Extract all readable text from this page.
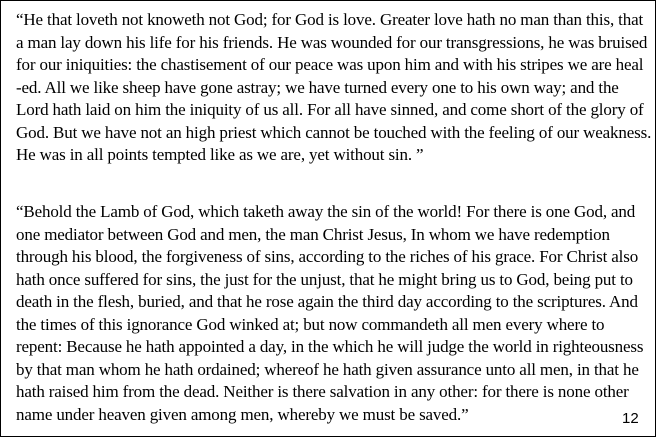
“He that loveth not knoweth not God; for God is love. Greater love hath no man than this, that
a man lay down his life for his friends. He was wounded for our transgressions, he was bruised
for our iniquities: the chastisement of our peace was upon him and with his stripes we are heal
-ed. All we like sheep have gone astray; we have turned every one to his own way; and the
Lord hath laid on him the iniquity of us all. For all have sinned, and come short of the glory of
God. But we have not an high priest which cannot be touched with the feeling of our weakness.
He was in all points tempted like as we are, yet without sin. ”
“Behold the Lamb of God, which taketh away the sin of the world! For there is one God, and
one mediator between God and men, the man Christ Jesus, In whom we have redemption
through his blood, the forgiveness of sins, according to the riches of his grace. For Christ also
hath once suffered for sins, the just for the unjust, that he might bring us to God, being put to
death in the flesh, buried, and that he rose again the third day according to the scriptures. And
the times of this ignorance God winked at; but now commandeth all men every where to
repent: Because he hath appointed a day, in the which he will judge the world in righteousness
by that man whom he hath ordained; whereof he hath given assurance unto all men, in that he
hath raised him from the dead. Neither is there salvation in any other: for there is none other
name under heaven given among men, whereby we must be saved.”	12
